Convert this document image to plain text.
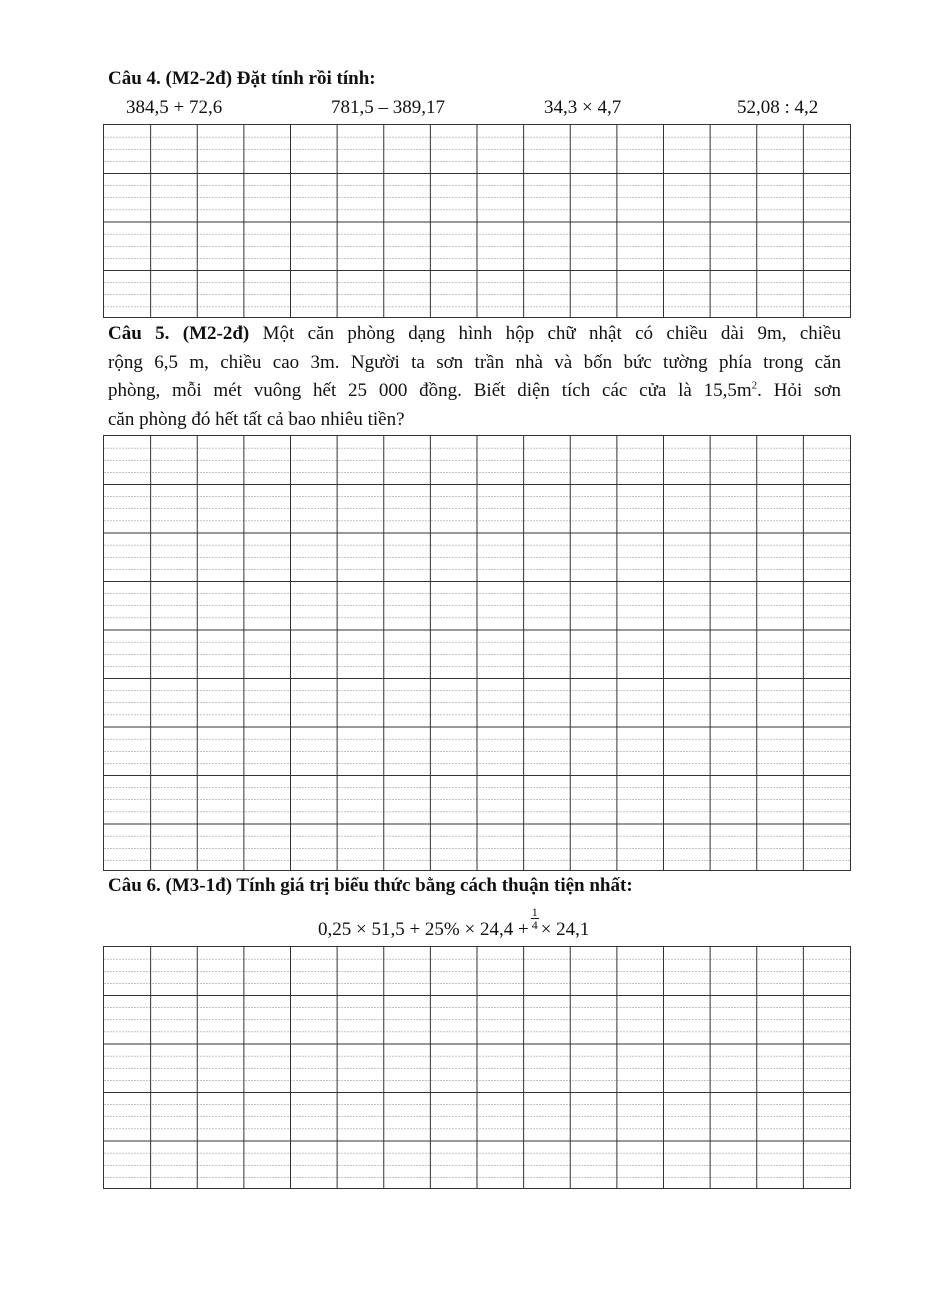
Câu 4. (M2-2đ) Đặt tính rồi tính:
384,5 + 72,6	781,5 – 389,17	34,3 × 4,7	52,08 : 4,2
Câu 5. (M2-2đ) Một căn phòng dạng hình hộp chữ nhật có chiều dài 9m, chiều
rộng 6,5 m, chiều cao 3m. Người ta sơn trần nhà và bốn bức tường phía trong căn
phòng, mỗi mét vuông hết 25 000 đồng. Biết diện tích các cửa là $15,5m^2$. Hỏi sơn
căn phòng đó hết tất cả bao nhiêu tiền?
Câu 6. (M3-1đ) Tính giá trị biểu thức bằng cách thuận tiện nhất:
$0,25 \times 51,5 + 25\% \times 24,4 + \frac{1}{4} \times 24,1$
